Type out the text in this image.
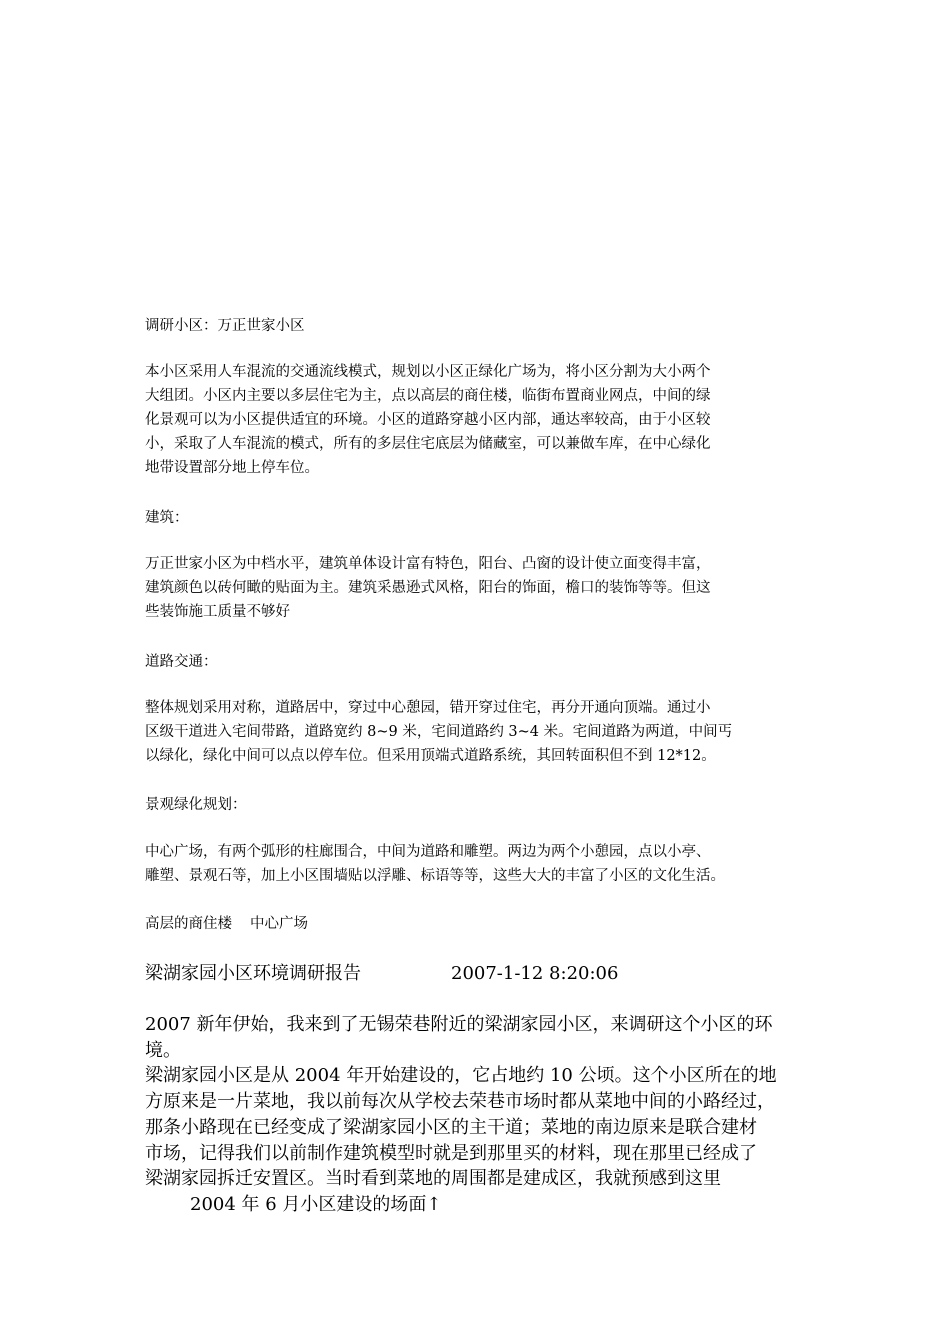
调研小区：万正世家小区

本小区采用人车混流的交通流线模式，规划以小区正绿化广场为，将小区分割为大小两个

大组团。小区内主要以多层住宅为主，点以高层的商住楼，临街布置商业网点，中间的绿

化景观可以为小区提供适宜的环境。小区的道路穿越小区内部，通达率较高，由于小区较

小，采取了人车混流的模式，所有的多层住宅底层为储藏室，可以兼做车库，在中心绿化

地带设置部分地上停车位。

建筑：

万正世家小区为中档水平，建筑单体设计富有特色，阳台、凸窗的设计使立面变得丰富，

建筑颜色以砖何瞰的贴面为主。建筑采愚逊式风格，阳台的饰面，檐口的装饰等等。但这

些装饰施工质量不够好

道路交通：

整体规划采用对称，道路居中，穿过中心憩园，错开穿过住宅，再分开通向顶端。通过小

区级干道进入宅间带路，道路宽约 8~9 米，宅间道路约 3~4 米。宅间道路为两道，中间丐

以绿化，绿化中间可以点以停车位。但采用顶端式道路系统，其回转面积但不到 12*12。

景观绿化规划：

中心广场，有两个弧形的柱廊围合，中间为道路和雕塑。两边为两个小憩园，点以小亭、

雕塑、景观石等，加上小区围墙贴以浮雕、标语等等，这些大大的丰富了小区的文化生活。

高层的商住楼 中心广场

梁湖家园小区环境调研报告	2007-1-12 8:20:06

2007 新年伊始，我来到了无锡荣巷附近的梁湖家园小区，来调研这个小区的环

境。

梁湖家园小区是从 2004 年开始建设的，它占地约 10 公顷。这个小区所在的地

方原来是一片菜地，我以前每次从学校去荣巷市场时都从菜地中间的小路经过，

那条小路现在已经变成了梁湖家园小区的主干道；菜地的南边原来是联合建材

市场，记得我们以前制作建筑模型时就是到那里买的材料，现在那里已经成了

梁湖家园拆迁安置区。当时看到菜地的周围都是建成区，我就预感到这里

2004 年 6 月小区建设的场面↑
